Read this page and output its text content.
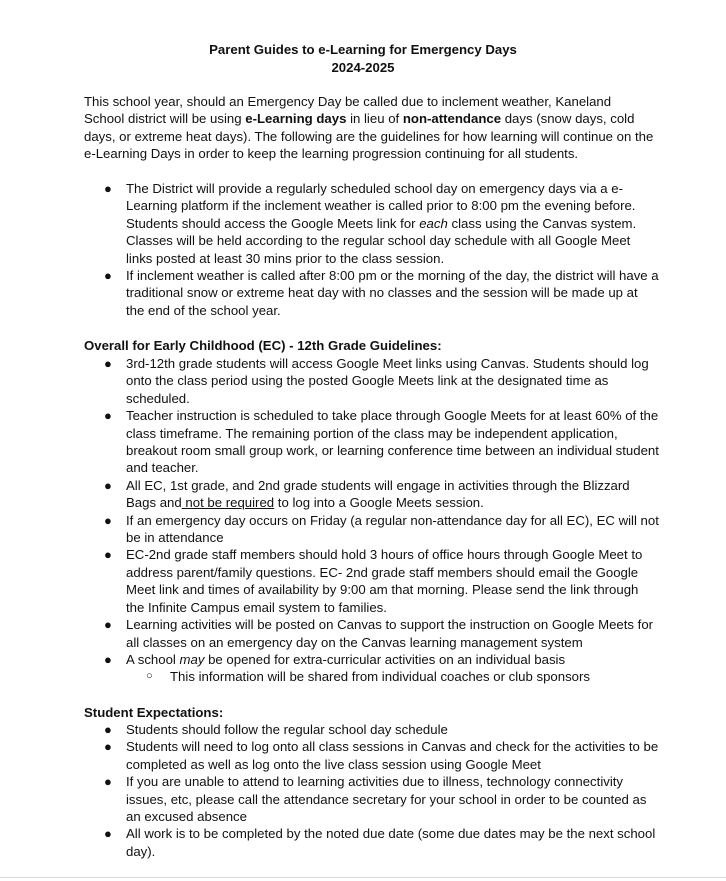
Parent Guides to e-Learning for Emergency Days
2024-2025

This school year, should an Emergency Day be called due to inclement weather, Kaneland School district will be using e-Learning days in lieu of non-attendance days (snow days, cold days, or extreme heat days). The following are the guidelines for how learning will continue on the e-Learning Days in order to keep the learning progression continuing for all students.

● The District will provide a regularly scheduled school day on emergency days via a e-Learning platform if the inclement weather is called prior to 8:00 pm the evening before. Students should access the Google Meets link for each class using the Canvas system. Classes will be held according to the regular school day schedule with all Google Meet links posted at least 30 mins prior to the class session.
● If inclement weather is called after 8:00 pm or the morning of the day, the district will have a traditional snow or extreme heat day with no classes and the session will be made up at the end of the school year.

Overall for Early Childhood (EC) - 12th Grade Guidelines:

● 3rd-12th grade students will access Google Meet links using Canvas. Students should log onto the class period using the posted Google Meets link at the designated time as scheduled.
● Teacher instruction is scheduled to take place through Google Meets for at least 60% of the class timeframe. The remaining portion of the class may be independent application, breakout room small group work, or learning conference time between an individual student and teacher.
● All EC, 1st grade, and 2nd grade students will engage in activities through the Blizzard Bags and not be required to log into a Google Meets session.
● If an emergency day occurs on Friday (a regular non-attendance day for all EC), EC will not be in attendance
● EC-2nd grade staff members should hold 3 hours of office hours through Google Meet to address parent/family questions. EC- 2nd grade staff members should email the Google Meet link and times of availability by 9:00 am that morning. Please send the link through the Infinite Campus email system to families.
● Learning activities will be posted on Canvas to support the instruction on Google Meets for all classes on an emergency day on the Canvas learning management system
● A school may be opened for extra-curricular activities on an individual basis
○ This information will be shared from individual coaches or club sponsors

Student Expectations:

● Students should follow the regular school day schedule
● Students will need to log onto all class sessions in Canvas and check for the activities to be completed as well as log onto the live class session using Google Meet
● If you are unable to attend to learning activities due to illness, technology connectivity issues, etc, please call the attendance secretary for your school in order to be counted as an excused absence
● All work is to be completed by the noted due date (some due dates may be the next school day).
